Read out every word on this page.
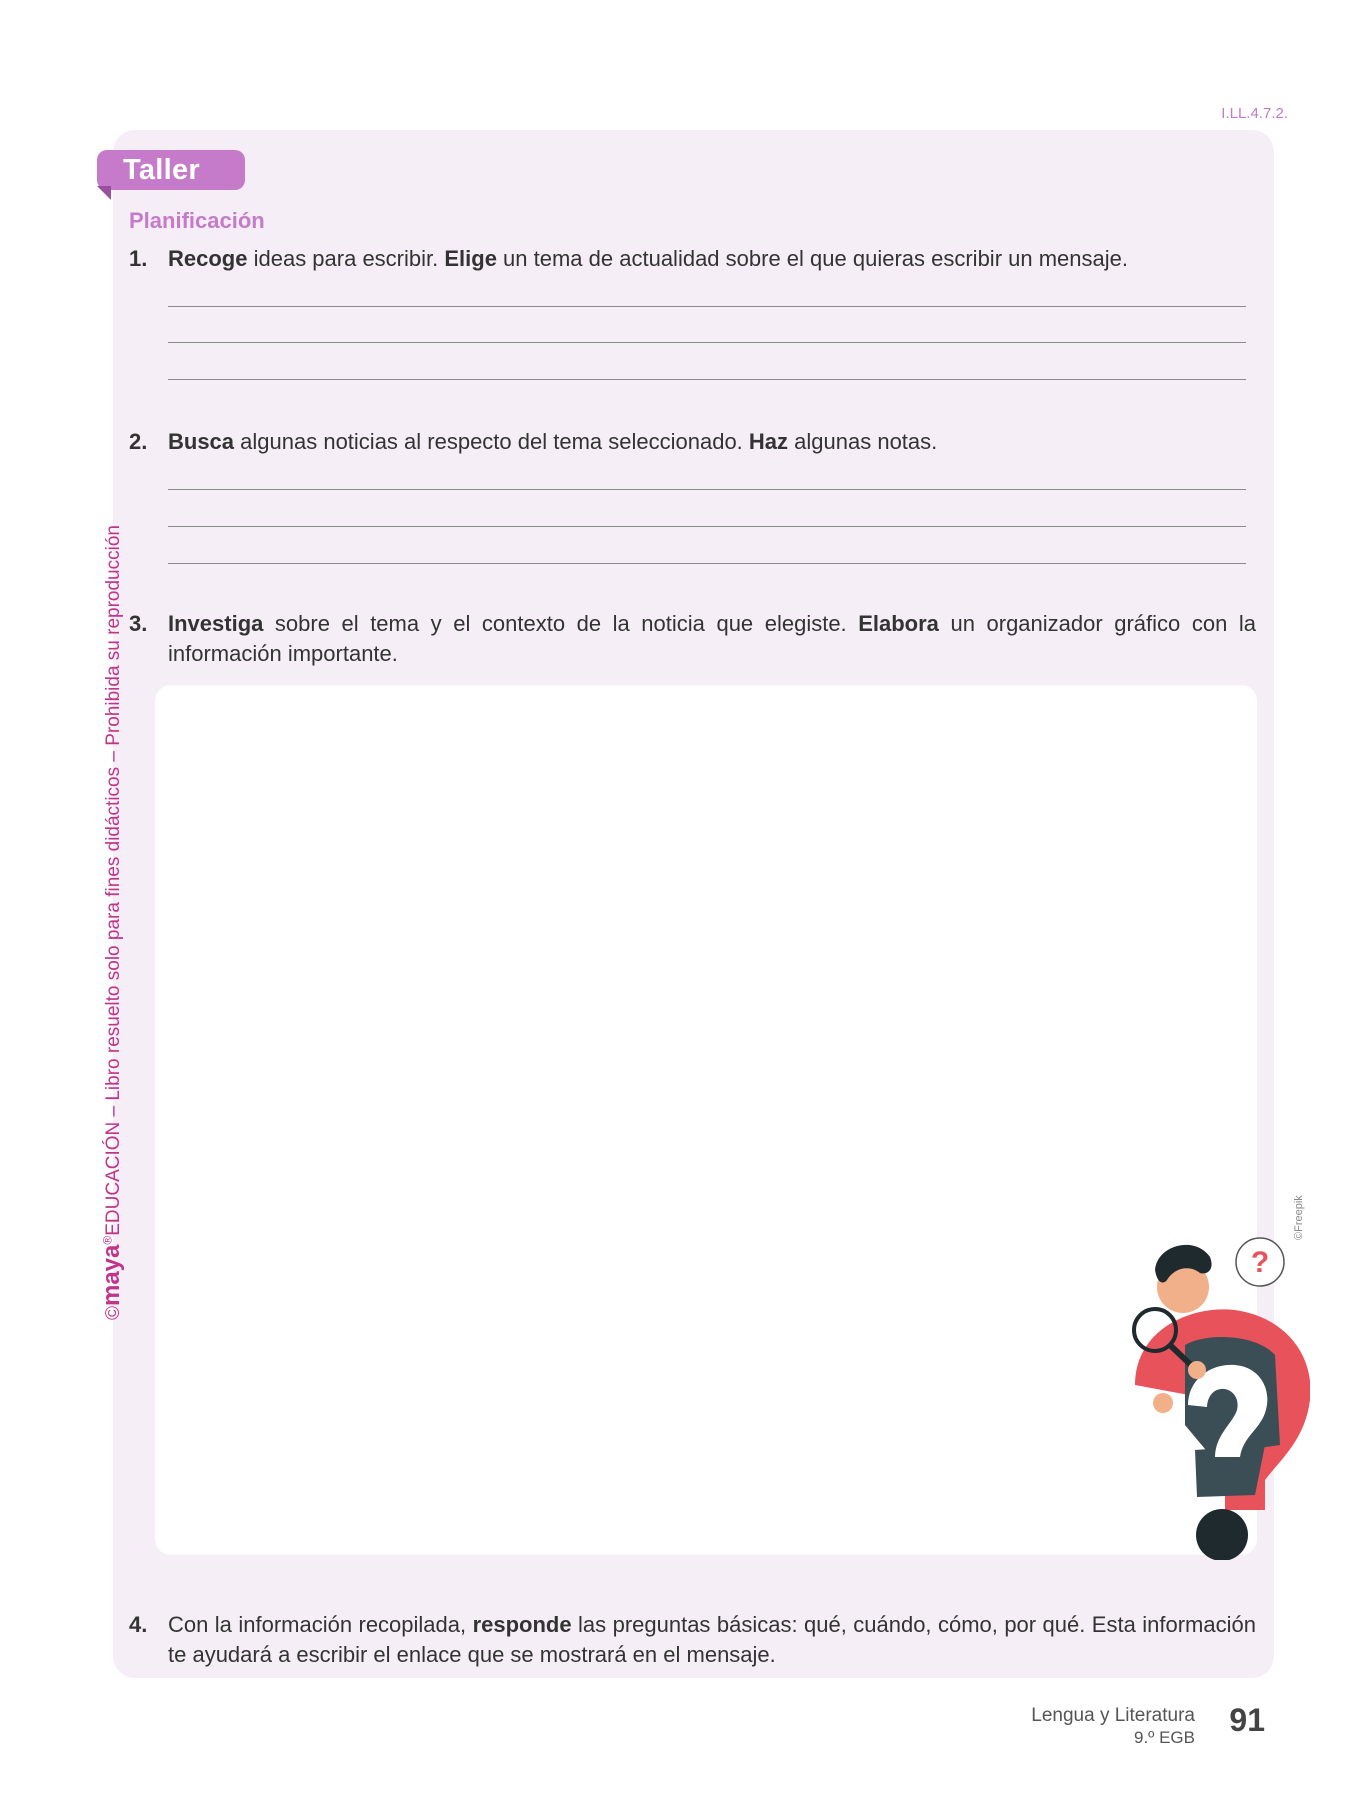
I.LL.4.7.2.
Taller
Planificación
1. Recoge ideas para escribir. Elige un tema de actualidad sobre el que quieras escribir un mensaje.
2. Busca algunas noticias al respecto del tema seleccionado. Haz algunas notas.
3. Investiga sobre el tema y el contexto de la noticia que elegiste. Elabora un organizador gráfico con la información importante.
?
©Freepik
©maya®EDUCACIÓN – Libro resuelto solo para fines didácticos – Prohibida su reproducción
4. Con la información recopilada, responde las preguntas básicas: qué, cuándo, cómo, por qué. Esta información te ayudará a escribir el enlace que se mostrará en el mensaje.
Lengua y Literatura
9.º EGB 91
